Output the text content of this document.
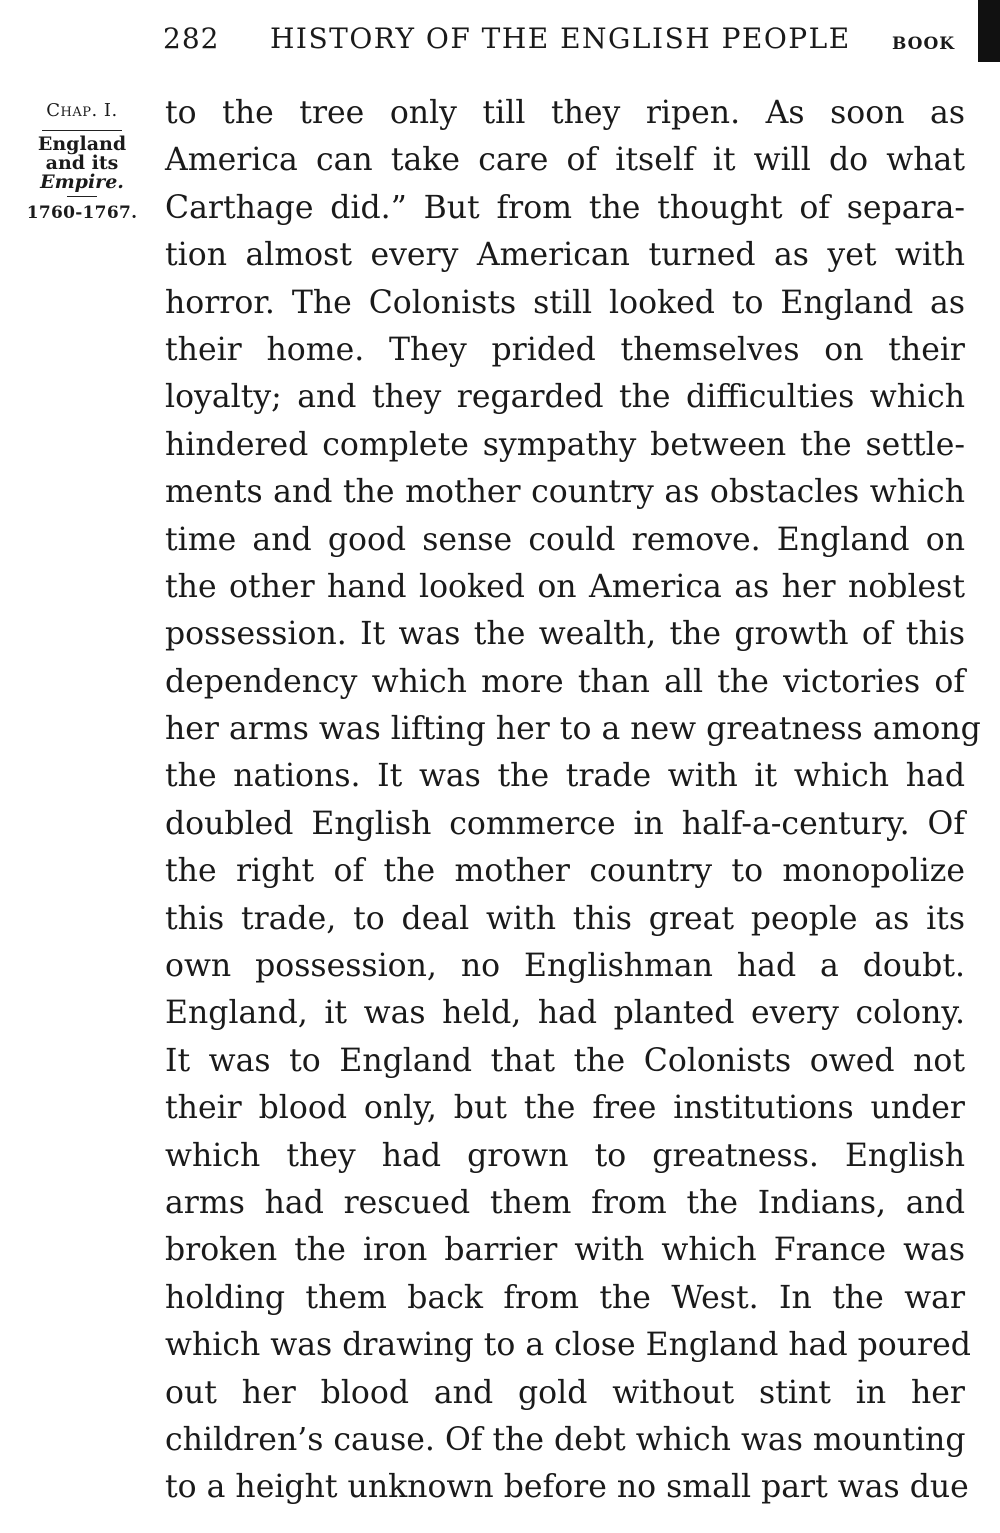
282 HISTORY OF THE ENGLISH PEOPLE BOOK
Chap. I.
England
and its
Empire.
1760-1767.
to the tree only till they ripen. As soon as
America can take care of itself it will do what
Carthage did.” But from the thought of separa-
tion almost every American turned as yet with
horror. The Colonists still looked to England as
their home. They prided themselves on their
loyalty; and they regarded the difficulties which
hindered complete sympathy between the settle-
ments and the mother country as obstacles which
time and good sense could remove. England on
the other hand looked on America as her noblest
possession. It was the wealth, the growth of this
dependency which more than all the victories of
her arms was lifting her to a new greatness among
the nations. It was the trade with it which had
doubled English commerce in half-a-century. Of
the right of the mother country to monopolize
this trade, to deal with this great people as its
own possession, no Englishman had a doubt.
England, it was held, had planted every colony.
It was to England that the Colonists owed not
their blood only, but the free institutions under
which they had grown to greatness. English
arms had rescued them from the Indians, and
broken the iron barrier with which France was
holding them back from the West. In the war
which was drawing to a close England had poured
out her blood and gold without stint in her
children’s cause. Of the debt which was mounting
to a height unknown before no small part was due
